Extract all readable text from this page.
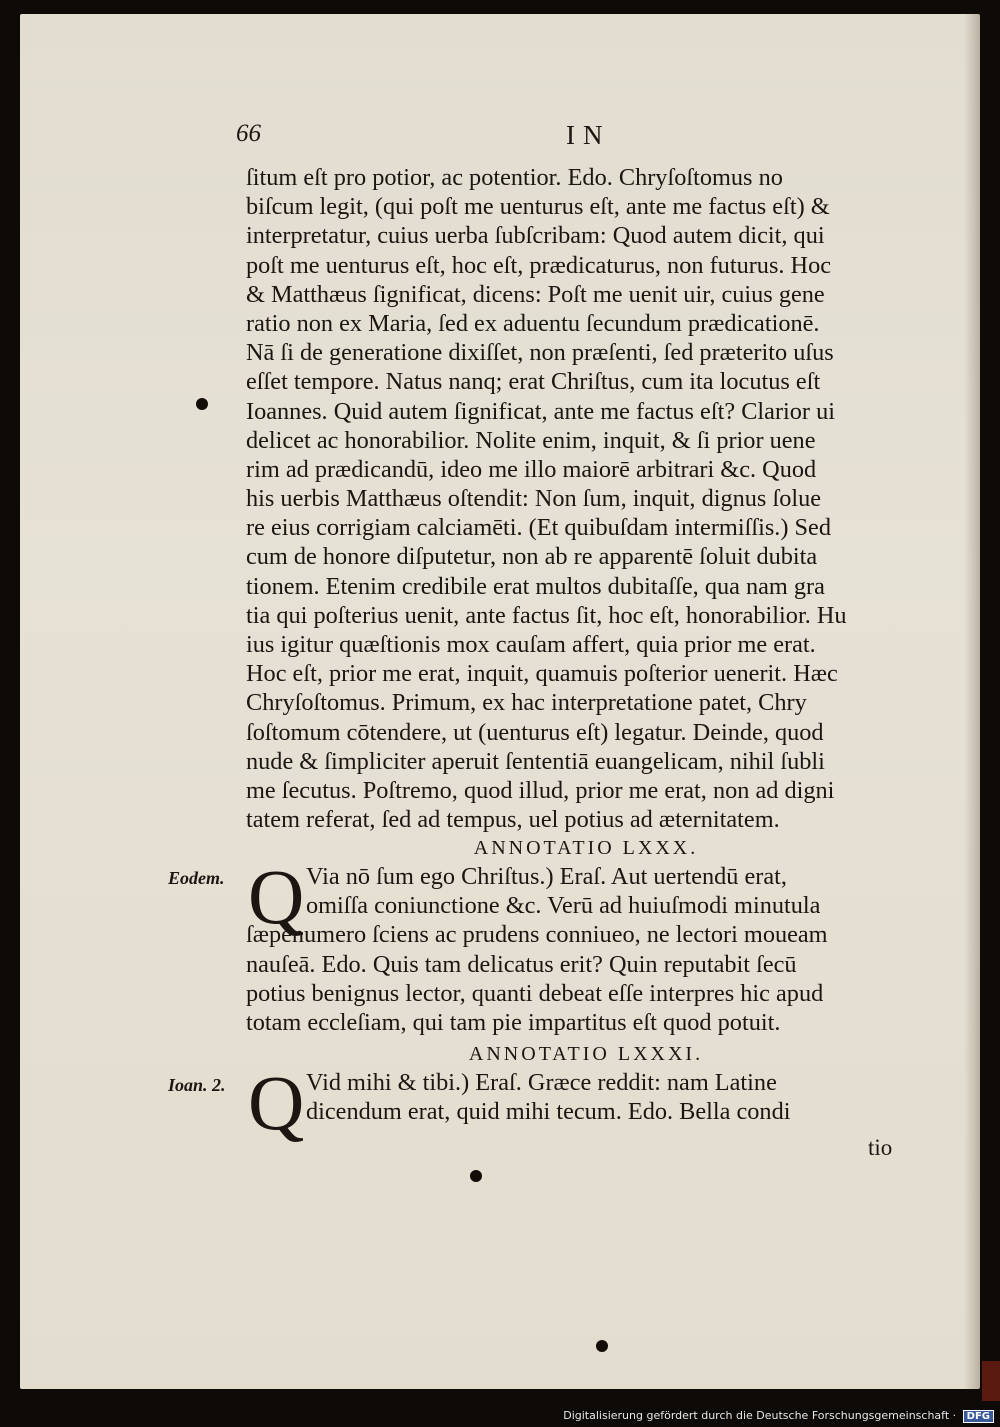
66	IN
ſitum eſt pro potior, ac potentior. Edo. Chryſoſtomus no
biſcum legit, (qui poſt me uenturus eſt, ante me factus eſt) &
interpretatur, cuius uerba ſubſcribam: Quod autem dicit, qui
poſt me uenturus eſt, hoc eſt, prædicaturus, non futurus. Hoc
& Matthæus ſignificat, dicens: Poſt me uenit uir, cuius gene
ratio non ex Maria, ſed ex aduentu ſecundum prædicationē.
Nā ſi de generatione dixiſſet, non præſenti, ſed præterito uſus
eſſet tempore. Natus nanq; erat Chriſtus, cum ita locutus eſt
Ioannes. Quid autem ſignificat, ante me factus eſt? Clarior ui
delicet ac honorabilior. Nolite enim, inquit, & ſi prior uene
rim ad prædicandū, ideo me illo maiorē arbitrari &c. Quod
his uerbis Matthæus oſtendit: Non ſum, inquit, dignus ſolue
re eius corrigiam calciamēti. (Et quibuſdam intermiſſis.) Sed
cum de honore diſputetur, non ab re apparentē ſoluit dubita
tionem. Etenim credibile erat multos dubitaſſe, qua nam gra
tia qui poſterius uenit, ante factus ſit, hoc eſt, honorabilior. Hu
ius igitur quæſtionis mox cauſam affert, quia prior me erat.
Hoc eſt, prior me erat, inquit, quamuis poſterior uenerit. Hæc
Chryſoſtomus. Primum, ex hac interpretatione patet, Chry
ſoſtomum cōtendere, ut (uenturus eſt) legatur. Deinde, quod
nude & ſimpliciter aperuit ſententiā euangelicam, nihil ſubli
me ſecutus. Poſtremo, quod illud, prior me erat, non ad digni
tatem referat, ſed ad tempus, uel potius ad æternitatem.
ANNOTATIO LXXX.
Q Via nō ſum ego Chriſtus.) Eraſ. Aut uertendū erat,
omiſſa coniunctione &c. Verū ad huiuſmodi minutula
ſæpenumero ſciens ac prudens conniueo, ne lectori moueam
nauſeā. Edo. Quis tam delicatus erit? Quin reputabit ſecū
potius benignus lector, quanti debeat eſſe interpres hic apud
totam eccleſiam, qui tam pie impartitus eſt quod potuit.
Eodem.
ANNOTATIO LXXXI.
Q Vid mihi & tibi.) Eraſ. Græce reddit: nam Latine
dicendum erat, quid mihi tecum. Edo. Bella condi
Ioan. 2.
tio
Digitalisierung gefördert durch die Deutsche Forschungsgemeinschaft · DFG
